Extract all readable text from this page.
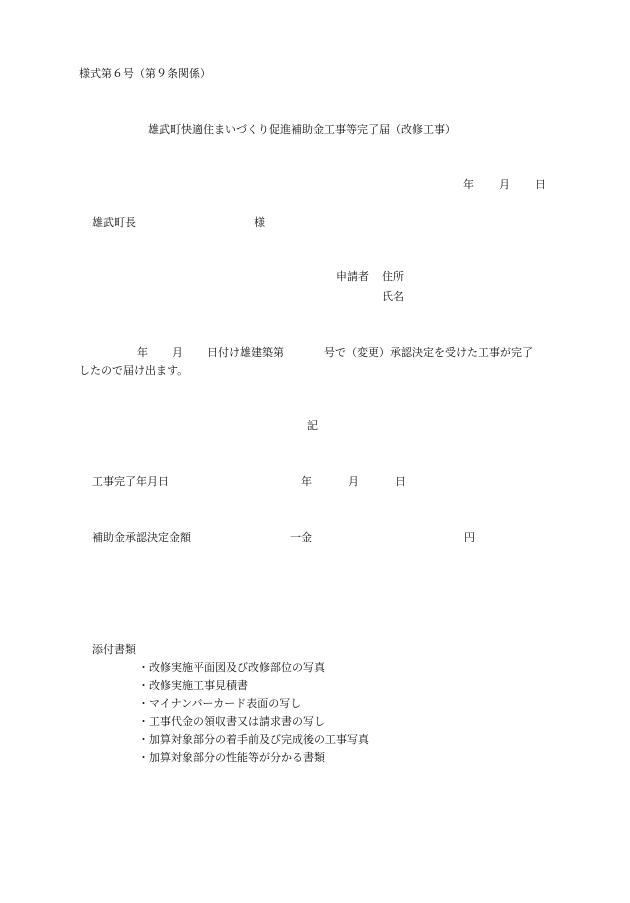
様式第６号（第９条関係）
雄武町快適住まいづくり促進補助金工事等完了届（改修工事）
年 月 日
雄武町長	様
申請者 住所
氏名
年 月 日付け雄建築第	号で（変更）承認決定を受けた工事が完了
したので届け出ます。
記
工事完了年月日	年	月	日
補助金承認決定金額	一金	円
添付書類
・改修実施平面図及び改修部位の写真
・改修実施工事見積書
・マイナンバーカード表面の写し
・工事代金の領収書又は請求書の写し
・加算対象部分の着手前及び完成後の工事写真
・加算対象部分の性能等が分かる書類
